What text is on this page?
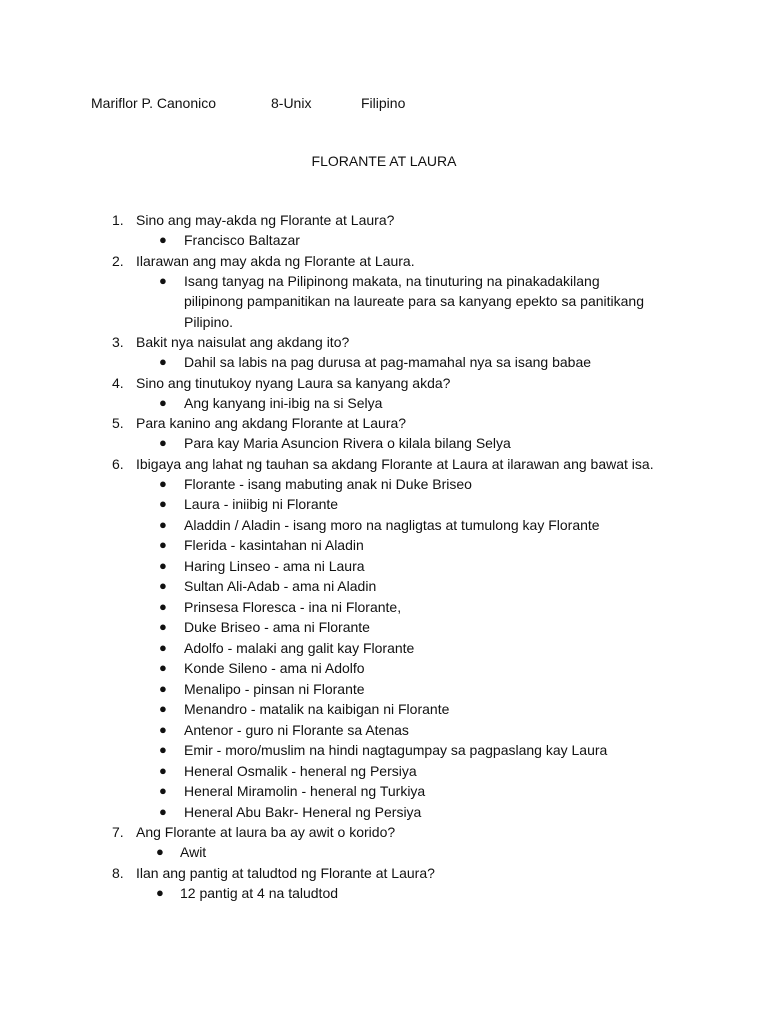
Mariflor P. Canonico	8-Unix	Filipino
FLORANTE AT LAURA
1. Sino ang may-akda ng Florante at Laura?
● Francisco Baltazar
2. Ilarawan ang may akda ng Florante at Laura.
● Isang tanyag na Pilipinong makata, na tinuturing na pinakadakilang pilipinong pampanitikan na laureate para sa kanyang epekto sa panitikang Pilipino.
3. Bakit nya naisulat ang akdang ito?
● Dahil sa labis na pag durusa at pag-mamahal nya sa isang babae
4. Sino ang tinutukoy nyang Laura sa kanyang akda?
● Ang kanyang ini-ibig na si Selya
5. Para kanino ang akdang Florante at Laura?
● Para kay Maria Asuncion Rivera o kilala bilang Selya
6. Ibigaya ang lahat ng tauhan sa akdang Florante at Laura at ilarawan ang bawat isa.
● Florante - isang mabuting anak ni Duke Briseo
● Laura - iniibig ni Florante
● Aladdin / Aladin - isang moro na nagligtas at tumulong kay Florante
● Flerida - kasintahan ni Aladin
● Haring Linseo - ama ni Laura
● Sultan Ali-Adab - ama ni Aladin
● Prinsesa Floresca - ina ni Florante,
● Duke Briseo - ama ni Florante
● Adolfo - malaki ang galit kay Florante
● Konde Sileno - ama ni Adolfo
● Menalipo - pinsan ni Florante
● Menandro - matalik na kaibigan ni Florante
● Antenor - guro ni Florante sa Atenas
● Emir - moro/muslim na hindi nagtagumpay sa pagpaslang kay Laura
● Heneral Osmalik - heneral ng Persiya
● Heneral Miramolin - heneral ng Turkiya
● Heneral Abu Bakr- Heneral ng Persiya
7. Ang Florante at laura ba ay awit o korido?
● Awit
8. Ilan ang pantig at taludtod ng Florante at Laura?
● 12 pantig at 4 na taludtod
